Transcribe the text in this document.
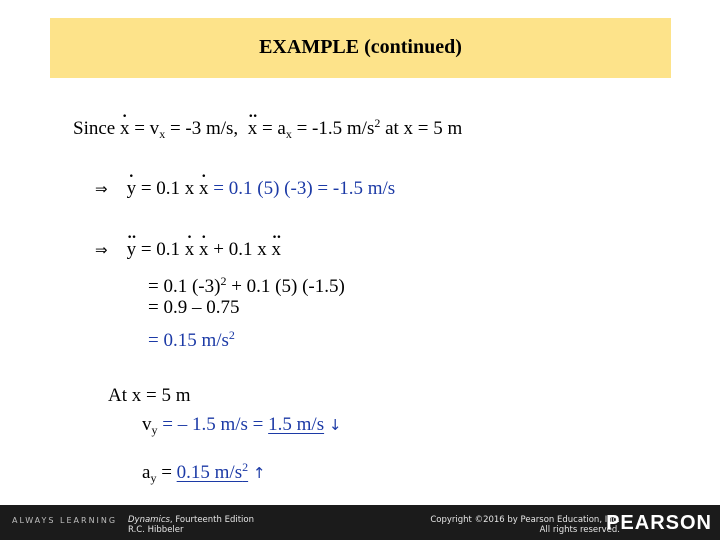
EXAMPLE (continued)
Since · $x = v_x = -3$ m/s, ·· $x = a_x = -1.5$ $m/s^2$ at x = 5 m
⇒ · y = 0.1 x · x = 0.1 (5) (-3) = -1.5 m/s
⇒ ·· y = 0.1 · x · x + 0.1 x ·· x
= 0.1 $(-3)^2 + 0.1$ (5) (-1.5)
= 0.9 – 0.75
= 0.15 $m/s^2$
At x = 5 m
$v_y$ = – 1.5 m/s = 1.5 m/s ↓
$a_y = 0.15$ $m/s^2$ ↑
ALWAYS LEARNING Dynamics, Fourteenth Edition
R.C. Hibbeler
Copyright ©2016 by Pearson Education, Inc.
All rights reserved.
PEARSON
